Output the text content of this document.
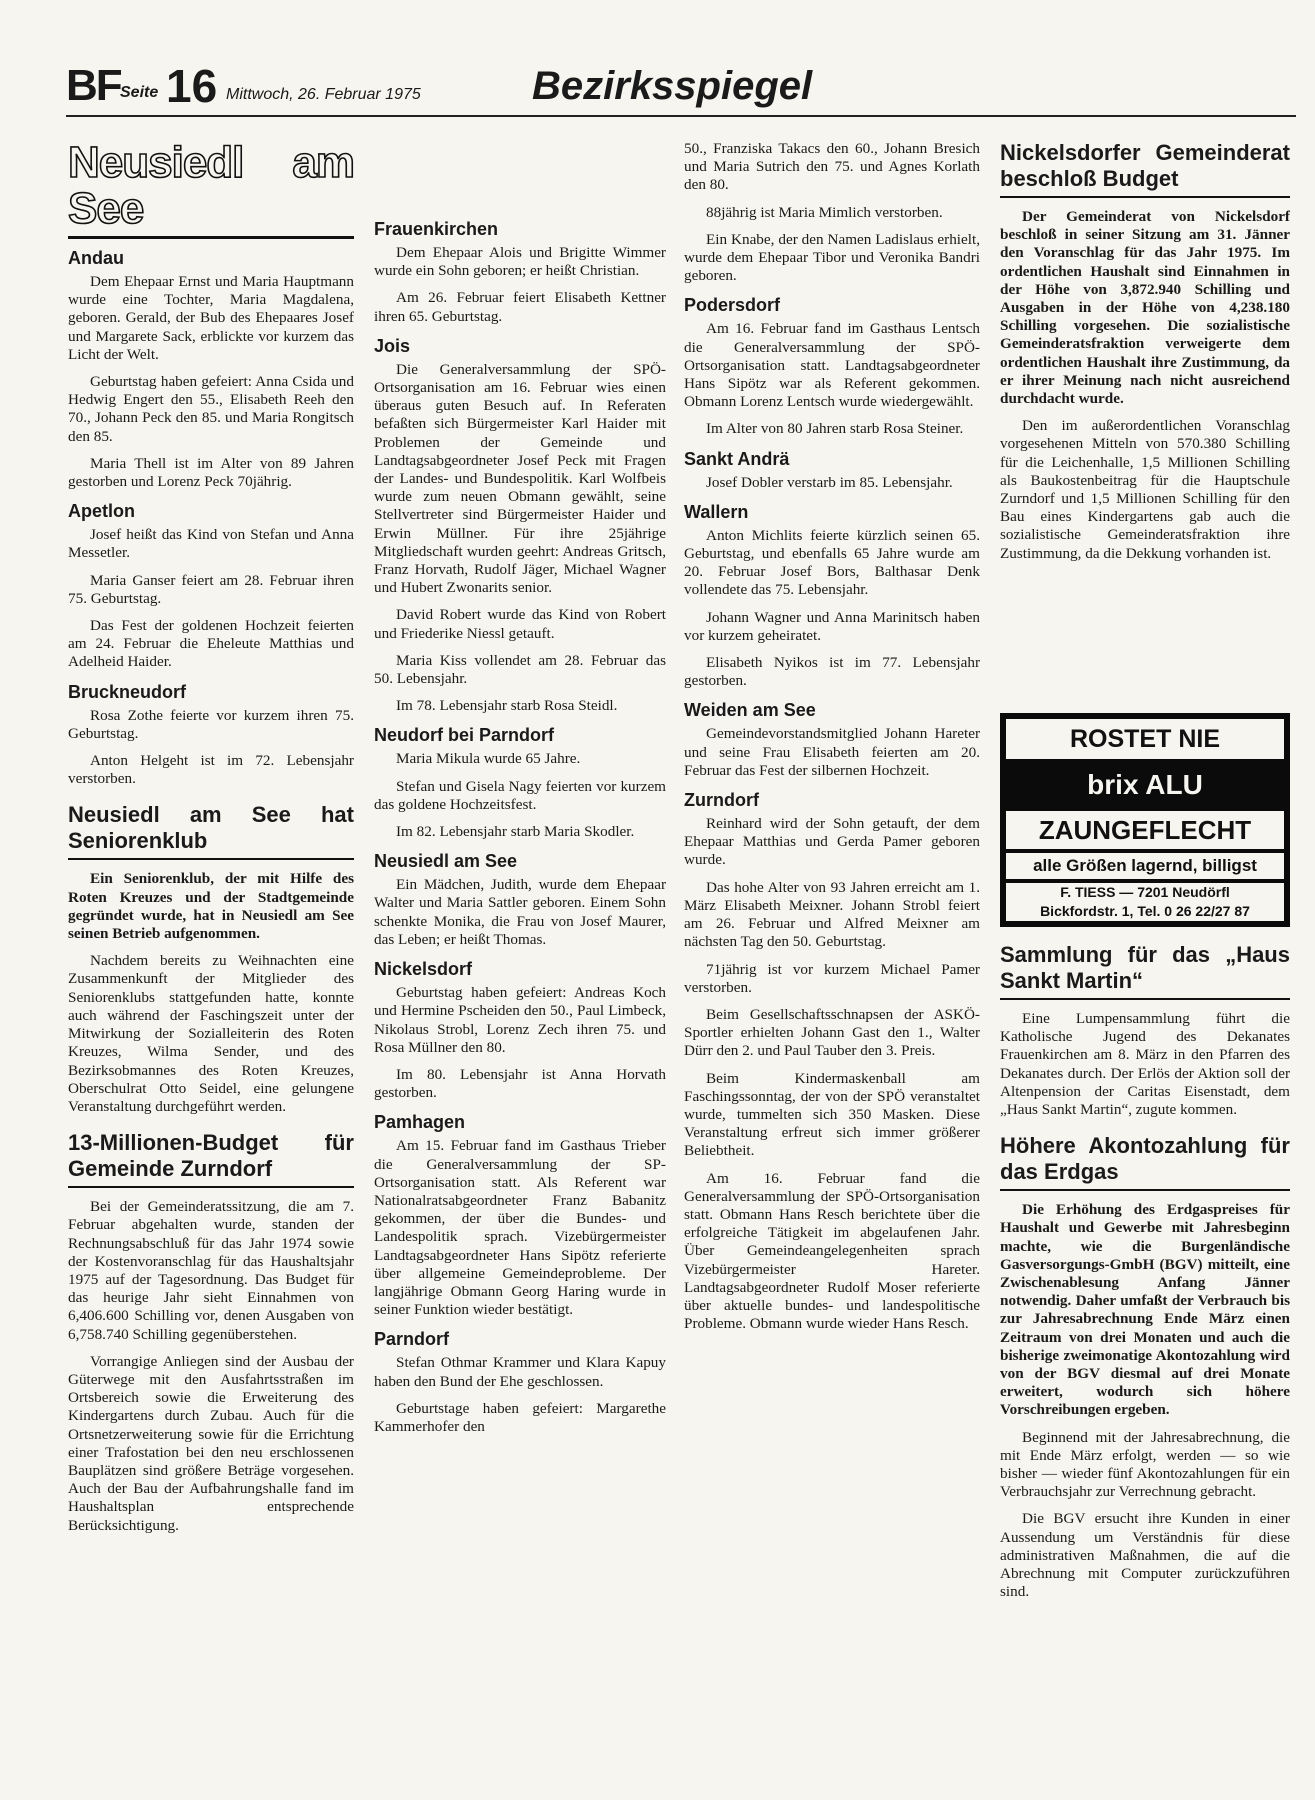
BF Seite 16 Mittwoch, 26. Februar 1975	Bezirksspiegel
Neusiedl am See
Andau

Dem Ehepaar Ernst und Maria Hauptmann wurde eine Tochter, Maria Magdalena, geboren. Gerald, der Bub des Ehepaares Josef und Margarete Sack, erblickte vor kurzem das Licht der Welt.

Geburtstag haben gefeiert: Anna Csida und Hedwig Engert den 55., Elisabeth Reeh den 70., Johann Peck den 85. und Maria Rongitsch den 85.

Maria Thell ist im Alter von 89 Jahren gestorben und Lorenz Peck 70jährig.

Apetlon

Josef heißt das Kind von Stefan und Anna Messetler.

Maria Ganser feiert am 28. Februar ihren 75. Geburtstag.

Das Fest der goldenen Hochzeit feierten am 24. Februar die Eheleute Matthias und Adelheid Haider.

Bruckneudorf

Rosa Zothe feierte vor kurzem ihren 75. Geburtstag.

Anton Helgeht ist im 72. Lebensjahr verstorben.

Neusiedl am See hat Seniorenklub

Ein Seniorenklub, der mit Hilfe des Roten Kreuzes und der Stadtgemeinde gegründet wurde, hat in Neusiedl am See seinen Betrieb aufgenommen.

Nachdem bereits zu Weihnachten eine Zusammenkunft der Mitglieder des Seniorenklubs stattgefunden hatte, konnte auch während der Faschingszeit unter der Mitwirkung der Sozialleiterin des Roten Kreuzes, Wilma Sender, und des Bezirksobmannes des Roten Kreuzes, Oberschulrat Otto Seidel, eine gelungene Veranstaltung durchgeführt werden.

13-Millionen-Budget für Gemeinde Zurndorf

Bei der Gemeinderatssitzung, die am 7. Februar abgehalten wurde, standen der Rechnungsabschluß für das Jahr 1974 sowie der Kostenvoranschlag für das Haushaltsjahr 1975 auf der Tagesordnung. Das Budget für das heurige Jahr sieht Einnahmen von 6,406.600 Schilling vor, denen Ausgaben von 6,758.740 Schilling gegenüberstehen.

Vorrangige Anliegen sind der Ausbau der Güterwege mit den Ausfahrtsstraßen im Ortsbereich sowie die Erweiterung des Kindergartens durch Zubau. Auch für die Ortsnetzerweiterung sowie für die Errichtung einer Trafostation bei den neu erschlossenen Bauplätzen sind größere Beträge vorgesehen. Auch der Bau der Aufbahrungshalle fand im Haushaltsplan entsprechende Berücksichtigung.

Frauenkirchen

Dem Ehepaar Alois und Brigitte Wimmer wurde ein Sohn geboren; er heißt Christian.

Am 26. Februar feiert Elisabeth Kettner ihren 65. Geburtstag.

Jois

Die Generalversammlung der SPÖ-Ortsorganisation am 16. Februar wies einen überaus guten Besuch auf. In Referaten befaßten sich Bürgermeister Karl Haider mit Problemen der Gemeinde und Landtagsabgeordneter Josef Peck mit Fragen der Landes- und Bundespolitik. Karl Wolfbeis wurde zum neuen Obmann gewählt, seine Stellvertreter sind Bürgermeister Haider und Erwin Müllner. Für ihre 25jährige Mitgliedschaft wurden geehrt: Andreas Gritsch, Franz Horvath, Rudolf Jäger, Michael Wagner und Hubert Zwonarits senior.

David Robert wurde das Kind von Robert und Friederike Niessl getauft.

Maria Kiss vollendet am 28. Februar das 50. Lebensjahr.

Im 78. Lebensjahr starb Rosa Steidl.

Neudorf bei Parndorf

Maria Mikula wurde 65 Jahre.

Stefan und Gisela Nagy feierten vor kurzem das goldene Hochzeitsfest.

Im 82. Lebensjahr starb Maria Skodler.

Neusiedl am See

Ein Mädchen, Judith, wurde dem Ehepaar Walter und Maria Sattler geboren. Einem Sohn schenkte Monika, die Frau von Josef Maurer, das Leben; er heißt Thomas.

Nickelsdorf

Geburtstag haben gefeiert: Andreas Koch und Hermine Pscheiden den 50., Paul Limbeck, Nikolaus Strobl, Lorenz Zech ihren 75. und Rosa Müllner den 80.

Im 80. Lebensjahr ist Anna Horvath gestorben.

Pamhagen

Am 15. Februar fand im Gasthaus Trieber die Generalversammlung der SP-Ortsorganisation statt. Als Referent war Nationalratsabgeordneter Franz Babanitz gekommen, der über die Bundes- und Landespolitik sprach. Vizebürgermeister Landtagsabgeordneter Hans Sipötz referierte über allgemeine Gemeindeprobleme. Der langjährige Obmann Georg Haring wurde in seiner Funktion wieder bestätigt.

Parndorf

Stefan Othmar Krammer und Klara Kapuy haben den Bund der Ehe geschlossen.

Geburtstage haben gefeiert: Margarethe Kammerhofer den

50., Franziska Takacs den 60., Johann Bresich und Maria Sutrich den 75. und Agnes Korlath den 80.

88jährig ist Maria Mimlich verstorben.

Ein Knabe, der den Namen Ladislaus erhielt, wurde dem Ehepaar Tibor und Veronika Bandri geboren.

Podersdorf

Am 16. Februar fand im Gasthaus Lentsch die Generalversammlung der SPÖ-Ortsorganisation statt. Landtagsabgeordneter Hans Sipötz war als Referent gekommen. Obmann Lorenz Lentsch wurde wiedergewählt.

Im Alter von 80 Jahren starb Rosa Steiner.

Sankt Andrä

Josef Dobler verstarb im 85. Lebensjahr.

Wallern

Anton Michlits feierte kürzlich seinen 65. Geburtstag, und ebenfalls 65 Jahre wurde am 20. Februar Josef Bors, Balthasar Denk vollendete das 75. Lebensjahr.

Johann Wagner und Anna Marinitsch haben vor kurzem geheiratet.

Elisabeth Nyikos ist im 77. Lebensjahr gestorben.

Weiden am See

Gemeindevorstandsmitglied Johann Hareter und seine Frau Elisabeth feierten am 20. Februar das Fest der silbernen Hochzeit.

Zurndorf

Reinhard wird der Sohn getauft, der dem Ehepaar Matthias und Gerda Pamer geboren wurde.

Das hohe Alter von 93 Jahren erreicht am 1. März Elisabeth Meixner. Johann Strobl feiert am 26. Februar und Alfred Meixner am nächsten Tag den 50. Geburtstag.

71jährig ist vor kurzem Michael Pamer verstorben.

Beim Gesellschaftsschnapsen der ASKÖ-Sportler erhielten Johann Gast den 1., Walter Dürr den 2. und Paul Tauber den 3. Preis.

Beim Kindermaskenball am Faschingssonntag, der von der SPÖ veranstaltet wurde, tummelten sich 350 Masken. Diese Veranstaltung erfreut sich immer größerer Beliebtheit.

Am 16. Februar fand die Generalversammlung der SPÖ-Ortsorganisation statt. Obmann Hans Resch berichtete über die erfolgreiche Tätigkeit im abgelaufenen Jahr. Über Gemeindeangelegenheiten sprach Vizebürgermeister Hareter. Landtagsabgeordneter Rudolf Moser referierte über aktuelle bundes- und landespolitische Probleme. Obmann wurde wieder Hans Resch.

Nickelsdorfer Gemeinderat beschloß Budget

Der Gemeinderat von Nickelsdorf beschloß in seiner Sitzung am 31. Jänner den Voranschlag für das Jahr 1975. Im ordentlichen Haushalt sind Einnahmen in der Höhe von 3,872.940 Schilling und Ausgaben in der Höhe von 4,238.180 Schilling vorgesehen. Die sozialistische Gemeinderatsfraktion verweigerte dem ordentlichen Haushalt ihre Zustimmung, da er ihrer Meinung nach nicht ausreichend durchdacht wurde.

Den im außerordentlichen Voranschlag vorgesehenen Mitteln von 570.380 Schilling für die Leichenhalle, 1,5 Millionen Schilling als Baukostenbeitrag für die Hauptschule Zurndorf und 1,5 Millionen Schilling für den Bau eines Kindergartens gab auch die sozialistische Gemeinderatsfraktion ihre Zustimmung, da die Dekkung vorhanden ist.

ROSTET NIE
brix ALU
ZAUNGEFLECHT
alle Größen lagernd, billigst
F. TIESS — 7201 Neudörfl
Bickfordstr. 1, Tel. 0 26 22/27 87
Sammlung für das „Haus Sankt Martin“

Eine Lumpensammlung führt die Katholische Jugend des Dekanates Frauenkirchen am 8. März in den Pfarren des Dekanates durch. Der Erlös der Aktion soll der Altenpension der Caritas Eisenstadt, dem „Haus Sankt Martin“, zugute kommen.

Höhere Akontozahlung für das Erdgas

Die Erhöhung des Erdgaspreises für Haushalt und Gewerbe mit Jahresbeginn machte, wie die Burgenländische Gasversorgungs-GmbH (BGV) mitteilt, eine Zwischenablesung Anfang Jänner notwendig. Daher umfaßt der Verbrauch bis zur Jahresabrechnung Ende März einen Zeitraum von drei Monaten und auch die bisherige zweimonatige Akontozahlung wird von der BGV diesmal auf drei Monate erweitert, wodurch sich höhere Vorschreibungen ergeben.

Beginnend mit der Jahresabrechnung, die mit Ende März erfolgt, werden — so wie bisher — wieder fünf Akontozahlungen für ein Verbrauchsjahr zur Verrechnung gebracht.

Die BGV ersucht ihre Kunden in einer Aussendung um Verständnis für diese administrativen Maßnahmen, die auf die Abrechnung mit Computer zurückzuführen sind.
